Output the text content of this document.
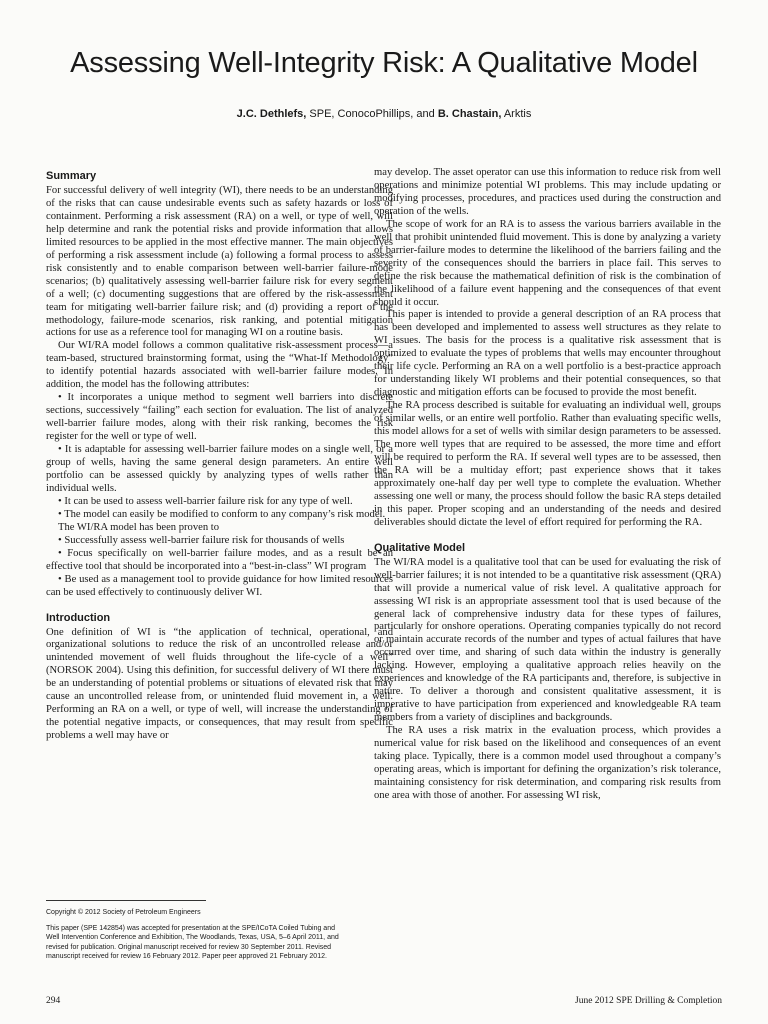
Assessing Well-Integrity Risk: A Qualitative Model
J.C. Dethlefs, SPE, ConocoPhillips, and B. Chastain, Arktis
Summary

For successful delivery of well integrity (WI), there needs to be an understanding of the risks that can cause undesirable events such as safety hazards or loss of containment. Performing a risk assessment (RA) on a well, or type of well, will help determine and rank the potential risks and provide information that allows limited resources to be applied in the most effective manner. The main objectives of performing a risk assessment include (a) following a formal process to assess risk consistently and to enable comparison between well-barrier failure-mode scenarios; (b) qualitatively assessing well-barrier failure risk for every segment of a well; (c) documenting suggestions that are offered by the risk-assessment team for mitigating well-barrier failure risk; and (d) providing a report of the methodology, failure-mode scenarios, risk ranking, and potential mitigation actions for use as a reference tool for managing WI on a routine basis.

Our WI/RA model follows a common qualitative risk-assessment process—a team-based, structured brainstorming format, using the “What-If Methodology” to identify potential hazards associated with well-barrier failure modes. In addition, the model has the following attributes:

• It incorporates a unique method to segment well barriers into discrete sections, successively “failing” each section for evaluation. The list of analyzed well-barrier failure modes, along with their risk ranking, becomes the risk register for the well or type of well.

• It is adaptable for assessing well-barrier failure modes on a single well, or a group of wells, having the same general design parameters. An entire well portfolio can be assessed quickly by analyzing types of wells rather than individual wells.

• It can be used to assess well-barrier failure risk for any type of well.

• The model can easily be modified to conform to any company’s risk model.

The WI/RA model has been proven to

• Successfully assess well-barrier failure risk for thousands of wells

• Focus specifically on well-barrier failure modes, and as a result be an effective tool that should be incorporated into a “best-in-class” WI program

• Be used as a management tool to provide guidance for how limited resources can be used effectively to continuously deliver WI.

Introduction

One definition of WI is “the application of technical, operational, and organizational solutions to reduce the risk of an uncontrolled release and/or unintended movement of well fluids throughout the life-cycle of a well” (NORSOK 2004). Using this definition, for successful delivery of WI there must be an understanding of potential problems or situations of elevated risk that may cause an uncontrolled release from, or unintended fluid movement in, a well. Performing an RA on a well, or type of well, will increase the understanding of the potential negative impacts, or consequences, that may result from specific problems a well may have or

may develop. The asset operator can use this information to reduce risk from well operations and minimize potential WI problems. This may include updating or modifying processes, procedures, and practices used during the construction and operation of the wells.

The scope of work for an RA is to assess the various barriers available in the well that prohibit unintended fluid movement. This is done by analyzing a variety of barrier-failure modes to determine the likelihood of the barriers failing and the severity of the consequences should the barriers in place fail. This serves to define the risk because the mathematical definition of risk is the combination of the likelihood of a failure event happening and the consequences of that event should it occur.

This paper is intended to provide a general description of an RA process that has been developed and implemented to assess well structures as they relate to WI issues. The basis for the process is a qualitative risk assessment that is optimized to evaluate the types of problems that wells may encounter throughout their life cycle. Performing an RA on a well portfolio is a best-practice approach for understanding likely WI problems and their potential consequences, so that diagnostic and mitigation efforts can be focused to provide the most benefit.

The RA process described is suitable for evaluating an individual well, groups of similar wells, or an entire well portfolio. Rather than evaluating specific wells, this model allows for a set of wells with similar design parameters to be assessed. The more well types that are required to be assessed, the more time and effort will be required to perform the RA. If several well types are to be assessed, then the RA will be a multiday effort; past experience shows that it takes approximately one-half day per well type to complete the evaluation. Whether assessing one well or many, the process should follow the basic RA steps detailed in this paper. Proper scoping and an understanding of the needs and desired deliverables should dictate the level of effort required for performing the RA.

Qualitative Model

The WI/RA model is a qualitative tool that can be used for evaluating the risk of well-barrier failures; it is not intended to be a quantitative risk assessment (QRA) that will provide a numerical value of risk level. A qualitative approach for assessing WI risk is an appropriate assessment tool that is used because of the general lack of comprehensive industry data for these types of failures, particularly for onshore operations. Operating companies typically do not record or maintain accurate records of the number and types of actual failures that have occurred over time, and sharing of such data within the industry is generally lacking. However, employing a qualitative approach relies heavily on the experiences and knowledge of the RA participants and, therefore, is subjective in nature. To deliver a thorough and consistent qualitative assessment, it is imperative to have participation from experienced and knowledgeable RA team members from a variety of disciplines and backgrounds.

The RA uses a risk matrix in the evaluation process, which provides a numerical value for risk based on the likelihood and consequences of an event taking place. Typically, there is a common model used throughout a company’s operating areas, which is important for defining the organization’s risk tolerance, maintaining consistency for risk determination, and comparing risk results from one area with those of another. For assessing WI risk,

Copyright © 2012 Society of Petroleum Engineers

This paper (SPE 142854) was accepted for presentation at the SPE/ICoTA Coiled Tubing and Well Intervention Conference and Exhibition, The Woodlands, Texas, USA, 5–6 April 2011, and revised for publication. Original manuscript received for review 30 September 2011. Revised manuscript received for review 16 February 2012. Paper peer approved 21 February 2012.

294	June 2012 SPE Drilling & Completion
